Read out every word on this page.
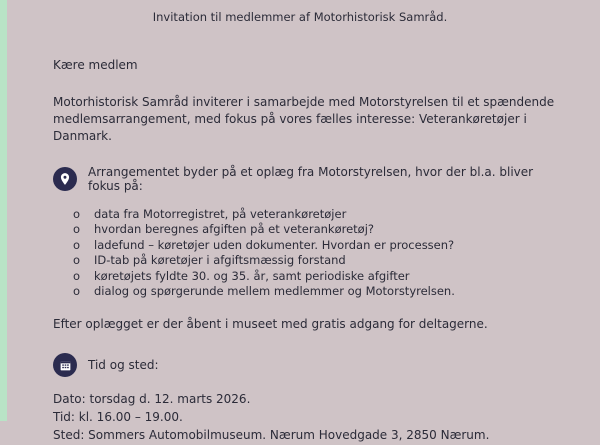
Invitation til medlemmer af Motorhistorisk Samråd.
Kære medlem
Motorhistorisk Samråd inviterer i samarbejde med Motorstyrelsen til et spændende medlemsarrangement, med fokus på vores fælles interesse: Veterankøretøjer i Danmark.
Arrangementet byder på et oplæg fra Motorstyrelsen, hvor der bl.a. bliver fokus på:
o data fra Motorregistret, på veterankøretøjer
o hvordan beregnes afgiften på et veterankøretøj?
o ladefund – køretøjer uden dokumenter. Hvordan er processen?
o ID-tab på køretøjer i afgiftsmæssig forstand
o køretøjets fyldte 30. og 35. år, samt periodiske afgifter
o dialog og spørgerunde mellem medlemmer og Motorstyrelsen.
Efter oplægget er der åbent i museet med gratis adgang for deltagerne.
Tid og sted:
Dato: torsdag d. 12. marts 2026.
Tid: kl. 16.00 – 19.00.
Sted: Sommers Automobilmuseum. Nærum Hovedgade 3, 2850 Nærum.
